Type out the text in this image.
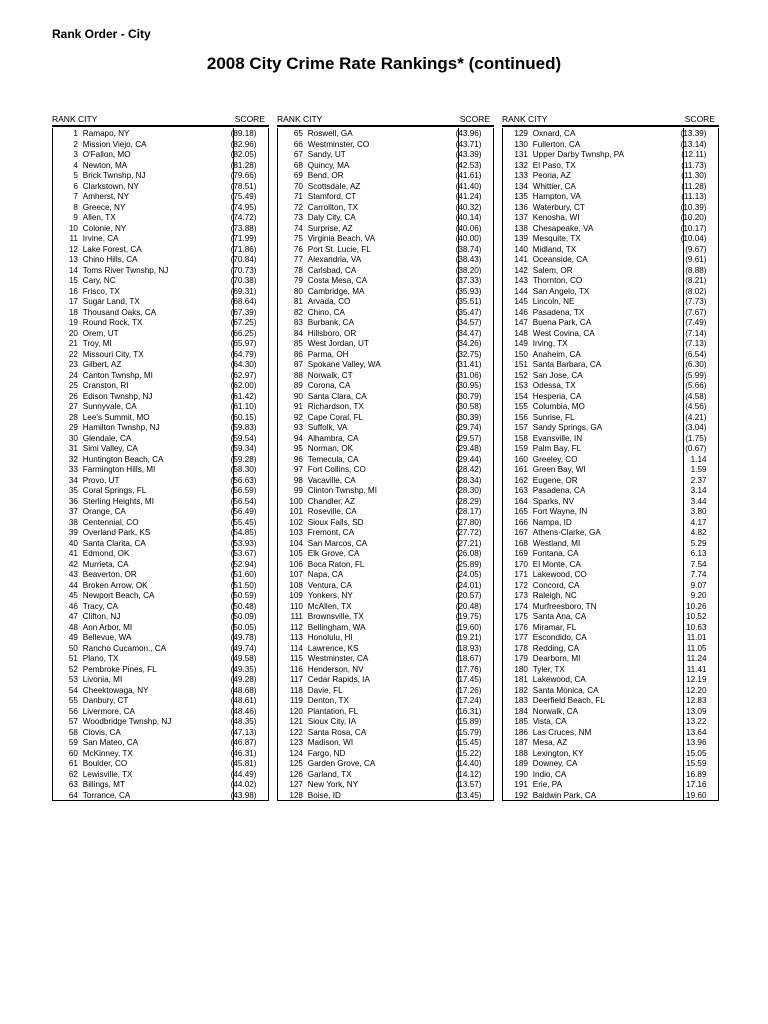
Rank Order - City
2008 City Crime Rate Rankings* (continued)
RANK CITY	SCORE
1 Ramapo, NY	(89.18)
2 Mission Viejo, CA	(82.96)
3 O'Fallon, MO	(82.05)
4 Newton, MA	(81.28)
5 Brick Twnshp, NJ	(79.66)
6 Clarkstown, NY	(78.51)
7 Amherst, NY	(75.49)
8 Greece, NY	(74.95)
9 Allen, TX	(74.72)
10 Colonie, NY	(73.88)
11 Irvine, CA	(71.99)
12 Lake Forest, CA	(71.86)
13 Chino Hills, CA	(70.84)
14 Toms River Twnshp, NJ	(70.73)
15 Cary, NC	(70.38)
16 Frisco, TX	(69.31)
17 Sugar Land, TX	(68.64)
18 Thousand Oaks, CA	(67.39)
19 Round Rock, TX	(67.25)
20 Orem, UT	(66.25)
21 Troy, MI	(65.97)
22 Missouri City, TX	(64.79)
23 Gilbert, AZ	(64.30)
24 Canton Twnshp, MI	(62.97)
25 Cranston, RI	(62.00)
26 Edison Twnshp, NJ	(61.42)
27 Sunnyvale, CA	(61.10)
28 Lee's Summit, MO	(60.15)
29 Hamilton Twnshp, NJ	(59.83)
30 Glendale, CA	(59.54)
31 Simi Valley, CA	(59.34)
32 Huntington Beach, CA	(59.28)
33 Farmington Hills, MI	(58.30)
34 Provo, UT	(56.63)
35 Coral Springs, FL	(56.59)
36 Sterling Heights, MI	(56.54)
37 Orange, CA	(56.49)
38 Centennial, CO	(55.45)
39 Overland Park, KS	(54.85)
40 Santa Clarita, CA	(53.93)
41 Edmond, OK	(53.67)
42 Murrieta, CA	(52.94)
43 Beaverton, OR	(51.60)
44 Broken Arrow, OK	(51.50)
45 Newport Beach, CA	(50.59)
46 Tracy, CA	(50.48)
47 Clifton, NJ	(50.09)
48 Ann Arbor, MI	(50.05)
49 Bellevue, WA	(49.78)
50 Rancho Cucamon., CA	(49.74)
51 Plano, TX	(49.58)
52 Pembroke Pines, FL	(49.35)
53 Livonia, MI	(49.28)
54 Cheektowaga, NY	(48.68)
55 Danbury, CT	(48.61)
56 Livermore, CA	(48.46)
57 Woodbridge Twnshp, NJ	(48.35)
58 Clovis, CA	(47.13)
59 San Mateo, CA	(46.87)
60 McKinney, TX	(46.31)
61 Boulder, CO	(45.81)
62 Lewisville, TX	(44.49)
63 Billings, MT	(44.02)
64 Torrance, CA	(43.98)
RANK CITY	SCORE
65 Roswell, GA	(43.96)
66 Westminster, CO	(43.71)
67 Sandy, UT	(43.39)
68 Quincy, MA	(42.53)
69 Bend, OR	(41.61)
70 Scottsdale, AZ	(41.40)
71 Stamford, CT	(41.24)
72 Carrollton, TX	(40.32)
73 Daly City, CA	(40.14)
74 Surprise, AZ	(40.06)
75 Virginia Beach, VA	(40.00)
76 Port St. Lucie, FL	(38.74)
77 Alexandria, VA	(38.43)
78 Carlsbad, CA	(38.20)
79 Costa Mesa, CA	(37.33)
80 Cambridge, MA	(35.93)
81 Arvada, CO	(35.51)
82 Chino, CA	(35.47)
83 Burbank, CA	(34.57)
84 Hillsboro, OR	(34.47)
85 West Jordan, UT	(34.26)
86 Parma, OH	(32.75)
87 Spokane Valley, WA	(31.41)
88 Norwalk, CT	(31.06)
89 Corona, CA	(30.95)
90 Santa Clara, CA	(30.79)
91 Richardson, TX	(30.58)
92 Cape Coral, FL	(30.39)
93 Suffolk, VA	(29.74)
94 Alhambra, CA	(29.57)
95 Norman, OK	(29.48)
96 Temecula, CA	(29.44)
97 Fort Collins, CO	(28.42)
98 Vacaville, CA	(28.34)
99 Clinton Twnshp, MI	(28.30)
100 Chandler, AZ	(28.29)
101 Roseville, CA	(28.17)
102 Sioux Falls, SD	(27.80)
103 Fremont, CA	(27.72)
104 San Marcos, CA	(27.21)
105 Elk Grove, CA	(26.08)
106 Boca Raton, FL	(25.89)
107 Napa, CA	(24.05)
108 Ventura, CA	(24.01)
109 Yonkers, NY	(20.57)
110 McAllen, TX	(20.48)
111 Brownsville, TX	(19.75)
112 Bellingham, WA	(19.60)
113 Honolulu, HI	(19.21)
114 Lawrence, KS	(18.93)
115 Westminster, CA	(18.67)
116 Henderson, NV	(17.76)
117 Cedar Rapids, IA	(17.45)
118 Davie, FL	(17.26)
119 Denton, TX	(17.24)
120 Plantation, FL	(16.31)
121 Sioux City, IA	(15.89)
122 Santa Rosa, CA	(15.79)
123 Madison, WI	(15.45)
124 Fargo, ND	(15.22)
125 Garden Grove, CA	(14.40)
126 Garland, TX	(14.12)
127 New York, NY	(13.57)
128 Boise, ID	(13.45)
RANK CITY	SCORE
129 Oxnard, CA	(13.39)
130 Fullerton, CA	(13.14)
131 Upper Darby Twnshp, PA	(12.11)
132 El Paso, TX	(11.73)
133 Peoria, AZ	(11.30)
134 Whittier, CA	(11.28)
135 Hampton, VA	(11.13)
136 Waterbury, CT	(10.39)
137 Kenosha, WI	(10.20)
138 Chesapeake, VA	(10.17)
139 Mesquite, TX	(10.04)
140 Midland, TX	(9.67)
141 Oceanside, CA	(9.61)
142 Salem, OR	(8.88)
143 Thornton, CO	(8.21)
144 San Angelo, TX	(8.02)
145 Lincoln, NE	(7.73)
146 Pasadena, TX	(7.67)
147 Buena Park, CA	(7.49)
148 West Covina, CA	(7.14)
149 Irving, TX	(7.13)
150 Anaheim, CA	(6.54)
151 Santa Barbara, CA	(6.30)
152 San Jose, CA	(5.99)
153 Odessa, TX	(5.66)
154 Hesperia, CA	(4.58)
155 Columbia, MO	(4.56)
156 Sunrise, FL	(4.21)
157 Sandy Springs, GA	(3.04)
158 Evansville, IN	(1.75)
159 Palm Bay, FL	(0.67)
160 Greeley, CO	1.14
161 Green Bay, WI	1.59
162 Eugene, OR	2.37
163 Pasadena, CA	3.14
164 Sparks, NV	3.44
165 Fort Wayne, IN	3.80
166 Nampa, ID	4.17
167 Athens-Clarke, GA	4.82
168 Westland, MI	5.29
169 Fontana, CA	6.13
170 El Monte, CA	7.54
171 Lakewood, CO	7.74
172 Concord, CA	9.07
173 Raleigh, NC	9.20
174 Murfreesboro, TN	10.26
175 Santa Ana, CA	10.52
176 Miramar, FL	10.63
177 Escondido, CA	11.01
178 Redding, CA	11.05
179 Dearborn, MI	11.24
180 Tyler, TX	11.41
181 Lakewood, CA	12.19
182 Santa Monica, CA	12.20
183 Deerfield Beach, FL	12.83
184 Norwalk, CA	13.09
185 Vista, CA	13.22
186 Las Cruces, NM	13.64
187 Mesa, AZ	13.96
188 Lexington, KY	15.05
189 Downey, CA	15.59
190 Indio, CA	16.89
191 Erie, PA	17.16
192 Baldwin Park, CA	19.60
